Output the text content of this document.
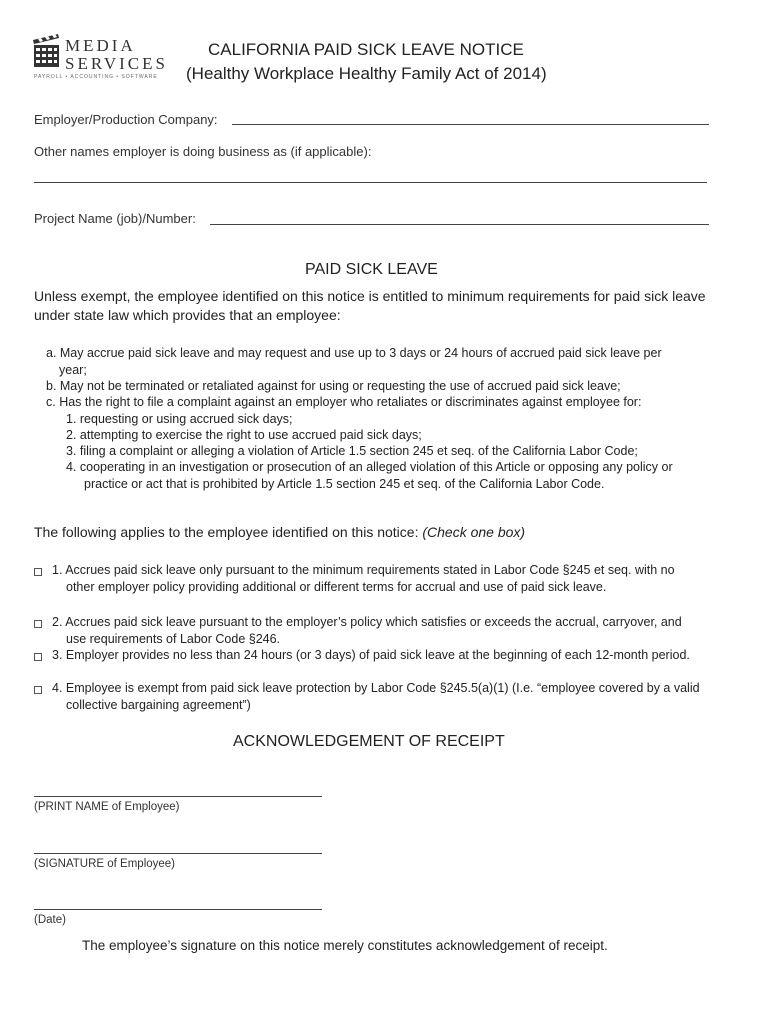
MEDIA
SERVICES
PAYROLL • ACCOUNTING • SOFTWARE
CALIFORNIA PAID SICK LEAVE NOTICE
(Healthy Workplace Healthy Family Act of 2014)
Employer/Production Company:
Other names employer is doing business as (if applicable):
Project Name (job)/Number:
PAID SICK LEAVE
Unless exempt, the employee identified on this notice is entitled to minimum requirements for paid sick leave under state law which provides that an employee:
a. May accrue paid sick leave and may request and use up to 3 days or 24 hours of accrued paid sick leave per year;
b. May not be terminated or retaliated against for using or requesting the use of accrued paid sick leave;
c. Has the right to file a complaint against an employer who retaliates or discriminates against employee for:
1. requesting or using accrued sick days;
2. attempting to exercise the right to use accrued paid sick days;
3. filing a complaint or alleging a violation of Article 1.5 section 245 et seq. of the California Labor Code;
4. cooperating in an investigation or prosecution of an alleged violation of this Article or opposing any policy or practice or act that is prohibited by Article 1.5 section 245 et seq. of the California Labor Code.
The following applies to the employee identified on this notice: (Check one box)
1. Accrues paid sick leave only pursuant to the minimum requirements stated in Labor Code §245 et seq. with no other employer policy providing additional or different terms for accrual and use of paid sick leave.
2. Accrues paid sick leave pursuant to the employer’s policy which satisfies or exceeds the accrual, carryover, and use requirements of Labor Code §246.
3. Employer provides no less than 24 hours (or 3 days) of paid sick leave at the beginning of each 12-month period.
4. Employee is exempt from paid sick leave protection by Labor Code §245.5(a)(1) (I.e. “employee covered by a valid collective bargaining agreement”)
ACKNOWLEDGEMENT OF RECEIPT
(PRINT NAME of Employee)
(SIGNATURE of Employee)
(Date)
The employee’s signature on this notice merely constitutes acknowledgement of receipt.
